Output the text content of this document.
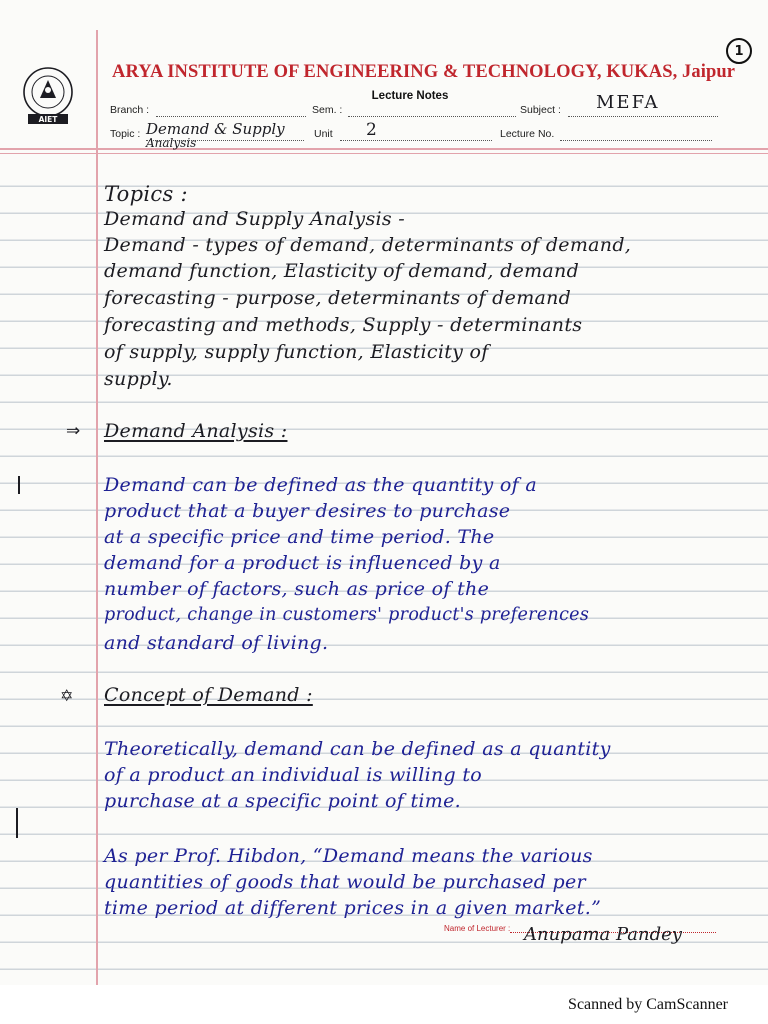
AIET
1
ARYA INSTITUTE OF ENGINEERING & TECHNOLOGY, KUKAS, Jaipur
Lecture Notes
Branch :	Sem. :	Subject : MEFA
Topic : Demand & Supply
Analysis
Unit 2	Lecture No.
Topics :
Demand and Supply Analysis -
Demand - types of demand, determinants of demand,
demand function, Elasticity of demand, demand
forecasting - purpose, determinants of demand
forecasting and methods, Supply - determinants
of supply, supply function, Elasticity of
supply.
⇒ Demand Analysis :
Demand can be defined as the quantity of a
product that a buyer desires to purchase
at a specific price and time period. The
demand for a product is influenced by a
number of factors, such as price of the
product, change in customers' product's preferences
and standard of living.
✡ Concept of Demand :
Theoretically, demand can be defined as a quantity
of a product an individual is willing to
purchase at a specific point of time.
As per Prof. Hibdon, “Demand means the various
quantities of goods that would be purchased per
time period at different prices in a given market.”
Name of Lecturer : Anupama Pandey
Scanned by CamScanner
